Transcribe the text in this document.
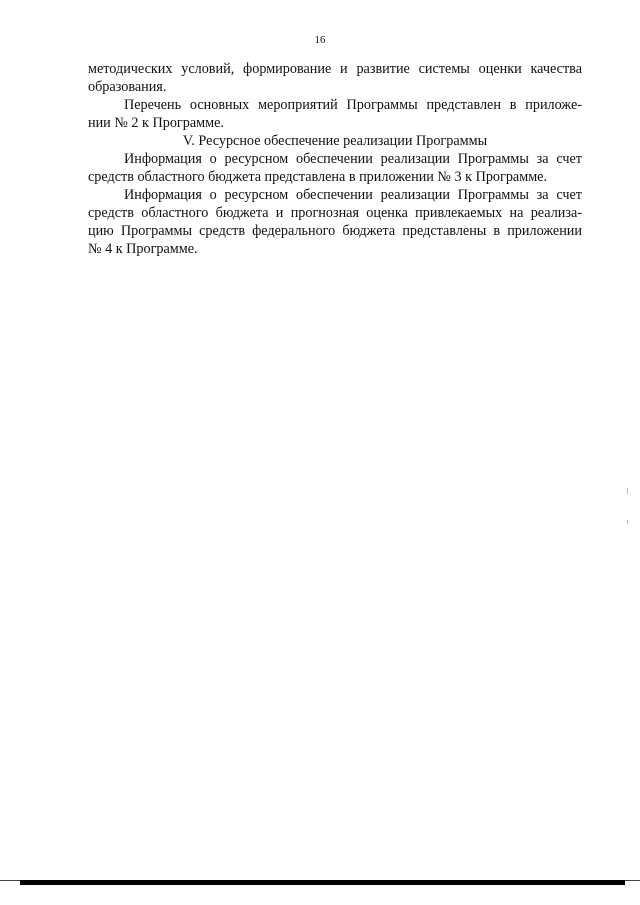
16

методических условий, формирование и развитие системы оценки качества
образования.

Перечень основных мероприятий Программы представлен в приложе-
нии № 2 к Программе.

V. Ресурсное обеспечение реализации Программы

Информация о ресурсном обеспечении реализации Программы за счет
средств областного бюджета представлена в приложении № 3 к Программе.

Информация о ресурсном обеспечении реализации Программы за счет
средств областного бюджета и прогнозная оценка привлекаемых на реализа-
цию Программы средств федерального бюджета представлены в приложении
№ 4 к Программе.
